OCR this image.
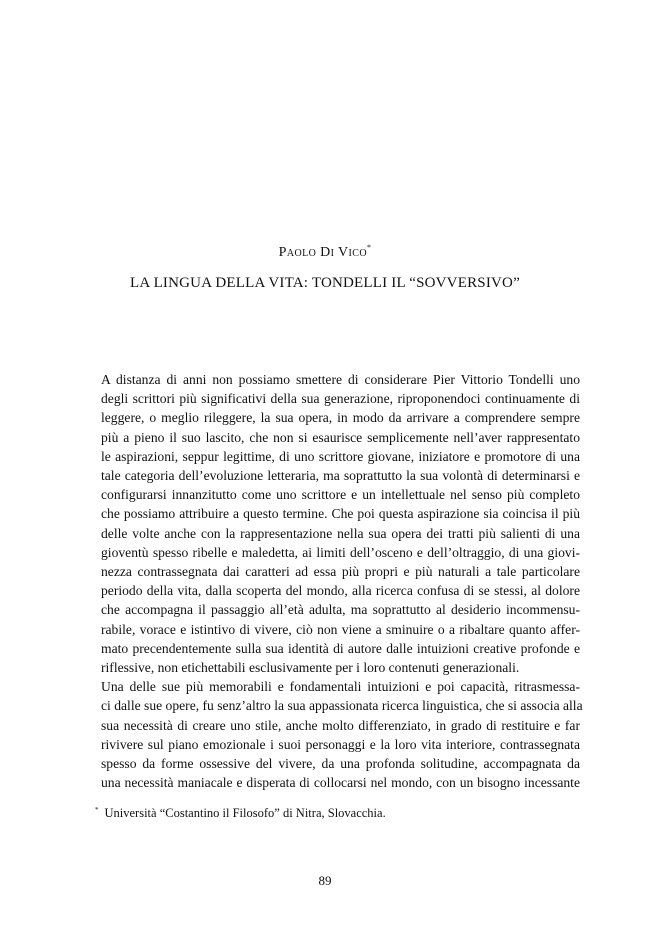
Paolo Di Vico*
LA LINGUA DELLA VITA: TONDELLI IL “SOVVERSIVO”

A distanza di anni non possiamo smettere di considerare Pier Vittorio Tondelli uno
degli scrittori più significativi della sua generazione, riproponendoci continuamente di
leggere, o meglio rileggere, la sua opera, in modo da arrivare a comprendere sempre
più a pieno il suo lascito, che non si esaurisce semplicemente nell’aver rappresentato
le aspirazioni, seppur legittime, di uno scrittore giovane, iniziatore e promotore di una
tale categoria dell’evoluzione letteraria, ma soprattutto la sua volontà di determinarsi e
configurarsi innanzitutto come uno scrittore e un intellettuale nel senso più completo
che possiamo attribuire a questo termine. Che poi questa aspirazione sia coincisa il più
delle volte anche con la rappresentazione nella sua opera dei tratti più salienti di una
gioventù spesso ribelle e maledetta, ai limiti dell’osceno e dell’oltraggio, di una giovi-
nezza contrassegnata dai caratteri ad essa più propri e più naturali a tale particolare
periodo della vita, dalla scoperta del mondo, alla ricerca confusa di se stessi, al dolore
che accompagna il passaggio all’età adulta, ma soprattutto al desiderio incommensu-
rabile, vorace e istintivo di vivere, ciò non viene a sminuire o a ribaltare quanto affer-
mato precendentemente sulla sua identità di autore dalle intuizioni creative profonde e
riflessive, non etichettabili esclusivamente per i loro contenuti generazionali.

Una delle sue più memorabili e fondamentali intuizioni e poi capacità, ritrasmessa-
ci dalle sue opere, fu senz’altro la sua appassionata ricerca linguistica, che si associa alla
sua necessità di creare uno stile, anche molto differenziato, in grado di restituire e far
rivivere sul piano emozionale i suoi personaggi e la loro vita interiore, contrassegnata
spesso da forme ossessive del vivere, da una profonda solitudine, accompagnata da
una necessità maniacale e disperata di collocarsi nel mondo, con un bisogno incessante

* Università “Costantino il Filosofo” di Nitra, Slovacchia.
89
